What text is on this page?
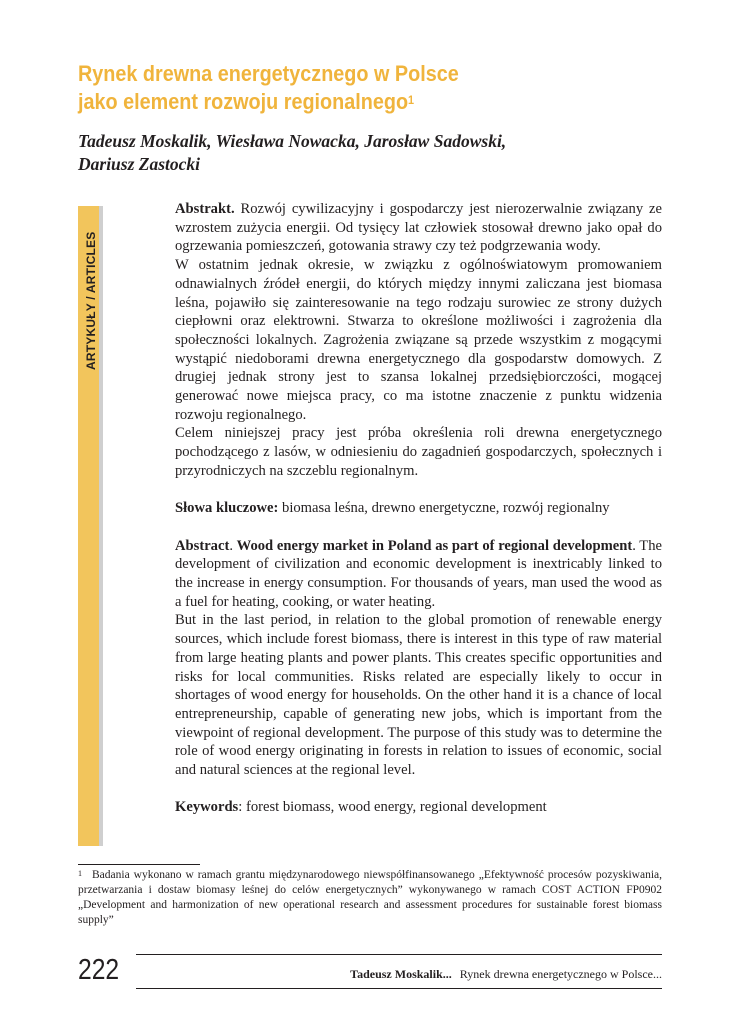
Rynek drewna energetycznego w Polsce
jako element rozwoju regionalnego$^1$
Tadeusz Moskalik, Wiesława Nowacka, Jarosław Sadowski,
Dariusz Zastocki
ARTYKUŁY / ARTICLES

Abstrakt. Rozwój cywilizacyjny i gospodarczy jest nierozerwalnie związany ze wzrostem zużycia energii. Od tysięcy lat człowiek stosował drewno jako opał do ogrzewania pomieszczeń, gotowania strawy czy też podgrzewania wody.

W ostatnim jednak okresie, w związku z ogólnoświatowym promowaniem odnawialnych źródeł energii, do których między innymi zaliczana jest biomasa leśna, pojawiło się zainteresowanie na tego rodzaju surowiec ze strony dużych ciepłowni oraz elektrowni. Stwarza to określone możliwości i zagrożenia dla społeczności lokalnych. Zagrożenia związane są przede wszystkim z mogącymi wystąpić niedoborami drewna energetycznego dla gospodarstw domowych. Z drugiej jednak strony jest to szansa lokalnej przedsiębiorczości, mogącej generować nowe miejsca pracy, co ma istotne znaczenie z punktu widzenia rozwoju regionalnego.

Celem niniejszej pracy jest próba określenia roli drewna energetycznego pochodzącego z lasów, w odniesieniu do zagadnień gospodarczych, społecznych i przyrodniczych na szczeblu regionalnym.

Słowa kluczowe: biomasa leśna, drewno energetyczne, rozwój regionalny

Abstract. Wood energy market in Poland as part of regional development. The development of civilization and economic development is inextricably linked to the increase in energy consumption. For thousands of years, man used the wood as a fuel for heating, cooking, or water heating.

But in the last period, in relation to the global promotion of renewable energy sources, which include forest biomass, there is interest in this type of raw material from large heating plants and power plants. This creates specific opportunities and risks for local communities. Risks related are especially likely to occur in shortages of wood energy for households. On the other hand it is a chance of local entrepreneurship, capable of generating new jobs, which is important from the viewpoint of regional development. The purpose of this study was to determine the role of wood energy originating in forests in relation to issues of economic, social and natural sciences at the regional level.

Keywords: forest biomass, wood energy, regional development

1 Badania wykonano w ramach grantu międzynarodowego niewspółfinansowanego „Efektywność procesów pozyskiwania, przetwarzania i dostaw biomasy leśnej do celów energetycznych” wykonywanego w ramach COST ACTION FP0902 „Development and harmonization of new operational research and assessment procedures for sustainable forest biomass supply”
222	Tadeusz Moskalik... Rynek drewna energetycznego w Polsce...
